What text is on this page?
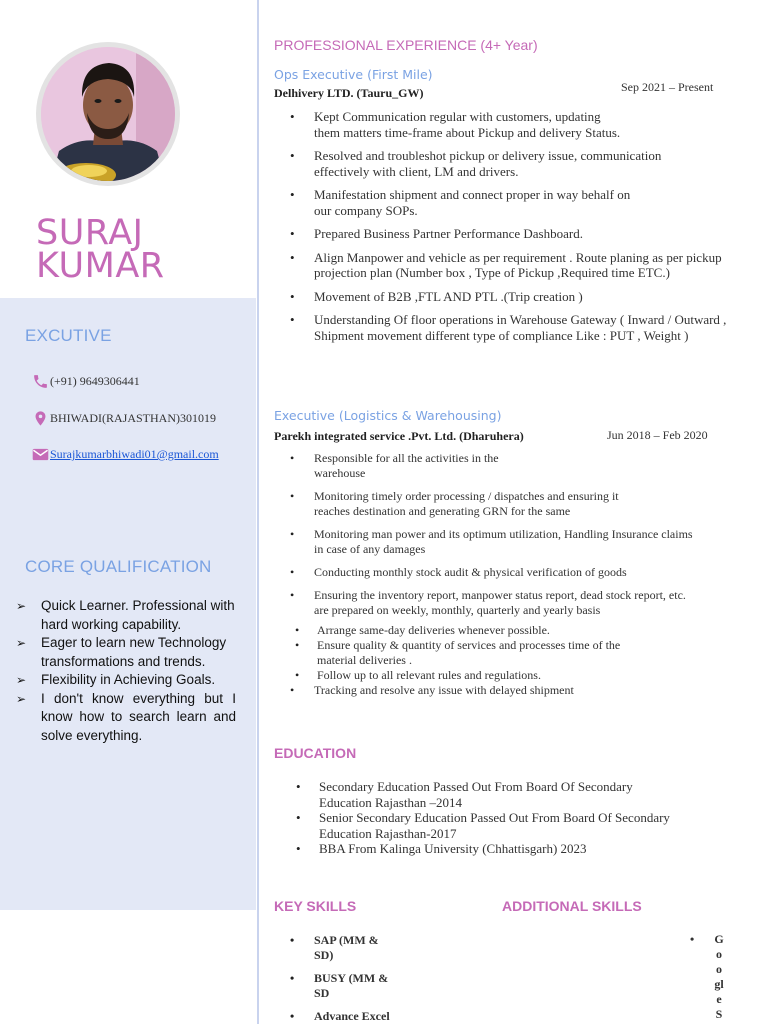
SURAJ
KUMAR
EXCUTIVE
(+91) 9649306441
BHIWADI(RAJASTHAN)301019
Surajkumarbhiwadi01@gmail.com
CORE QUALIFICATION
➢ Quick Learner. Professional with hard working capability.
➢ Eager to learn new Technology transformations and trends.
➢ Flexibility in Achieving Goals.
➢ I don't know everything but I know how to search learn and solve everything.
PROFESSIONAL EXPERIENCE (4+ Year)
Ops Executive (First Mile)
Delhivery LTD. (Tauru_GW)	Sep 2021 – Present
• Kept Communication regular with customers, updating them matters time-frame about Pickup and delivery Status.
• Resolved and troubleshot pickup or delivery issue, communication effectively with client, LM and drivers.
• Manifestation shipment and connect proper in way behalf on our company SOPs.
• Prepared Business Partner Performance Dashboard.
• Align Manpower and vehicle as per requirement . Route planing as per pickup projection plan (Number box , Type of Pickup ,Required time ETC.)
• Movement of B2B ,FTL AND PTL .(Trip creation )
• Understanding Of floor operations in Warehouse Gateway ( Inward / Outward , Shipment movement different type of compliance Like : PUT , Weight )
Executive (Logistics & Warehousing)
Parekh integrated service .Pvt. Ltd. (Dharuhera)	Jun 2018 – Feb 2020
• Responsible for all the activities in the warehouse
• Monitoring timely order processing / dispatches and ensuring it reaches destination and generating GRN for the same
• Monitoring man power and its optimum utilization, Handling Insurance claims in case of any damages
• Conducting monthly stock audit & physical verification of goods
• Ensuring the inventory report, manpower status report, dead stock report, etc. are prepared on weekly, monthly, quarterly and yearly basis
• Arrange same-day deliveries whenever possible.
• Ensure quality & quantity of services and processes time of the material deliveries .
• Follow up to all relevant rules and regulations.
• Tracking and resolve any issue with delayed shipment
EDUCATION
• Secondary Education Passed Out From Board Of Secondary Education Rajasthan –2014
• Senior Secondary Education Passed Out From Board Of Secondary Education Rajasthan-2017
• BBA From Kalinga University (Chhattisgarh) 2023
KEY SKILLS	ADDITIONAL SKILLS
• SAP (MM & SD)
• BUSY (MM & SD
• Advance Excel
• G
o
o
gl
e
S
